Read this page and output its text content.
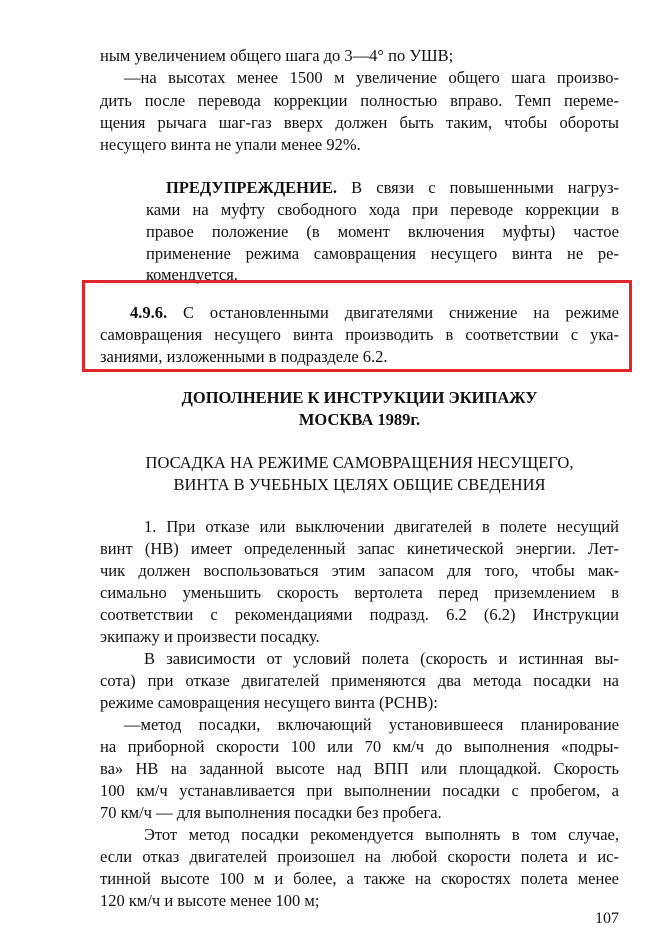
ным увеличением общего шага до 3—4° по УШВ;
—на высотах менее 1500 м увеличение общего шага произво-
дить после перевода коррекции полностью вправо. Темп переме-
щения рычага шаг-газ вверх должен быть таким, чтобы обороты
несущего винта не упали менее 92%.
ПРЕДУПРЕЖДЕНИЕ. В связи с повышенными нагруз-
ками на муфту свободного хода при переводе коррекции в
правое положение (в момент включения муфты) частое
применение режима самовращения несущего винта не ре-
комендуется.
4.9.6. С остановленными двигателями снижение на режиме
самовращения несущего винта производить в соответствии с ука-
заниями, изложенными в подразделе 6.2.
ДОПОЛНЕНИЕ К ИНСТРУКЦИИ ЭКИПАЖУ
МОСКВА 1989г.
ПОСАДКА НА РЕЖИМЕ САМОВРАЩЕНИЯ НЕСУЩЕГО,
ВИНТА В УЧЕБНЫХ ЦЕЛЯХ ОБЩИЕ СВЕДЕНИЯ
1. При отказе или выключении двигателей в полете несущий
винт (НВ) имеет определенный запас кинетической энергии. Лет-
чик должен воспользоваться этим запасом для того, чтобы мак-
симально уменьшить скорость вертолета перед приземлением в
соответствии с рекомендациями подразд. 6.2 (6.2) Инструкции
экипажу и произвести посадку.
В зависимости от условий полета (скорость и истинная вы-
сота) при отказе двигателей применяются два метода посадки на
режиме самовращения несущего винта (РСНВ):
—метод посадки, включающий установившееся планирование
на приборной скорости 100 или 70 км/ч до выполнения «подры-
ва» НВ на заданной высоте над ВПП или площадкой. Скорость
100 км/ч устанавливается при выполнении посадки с пробегом, а
70 км/ч — для выполнения посадки без пробега.
Этот метод посадки рекомендуется выполнять в том случае,
если отказ двигателей произошел на любой скорости полета и ис-
тинной высоте 100 м и более, а также на скоростях полета менее
120 км/ч и высоте менее 100 м;
107
